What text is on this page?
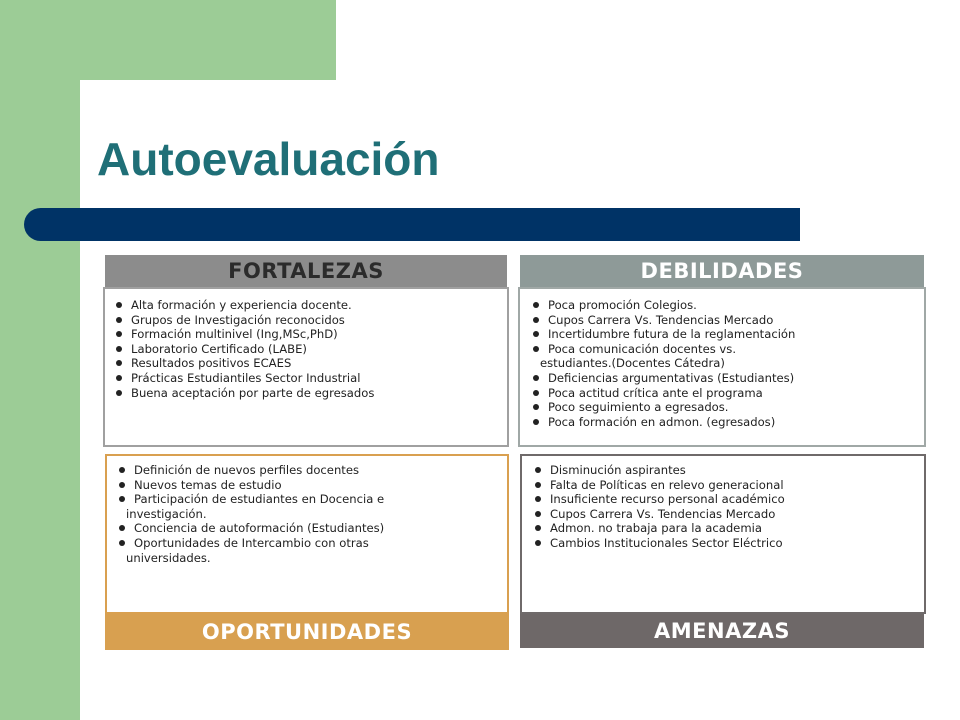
Autoevaluación
FORTALEZAS
Alta formación y experiencia docente.
Grupos de Investigación reconocidos
Formación multinivel (Ing,MSc,PhD)
Laboratorio Certificado (LABE)
Resultados positivos ECAES
Prácticas Estudiantiles Sector Industrial
Buena aceptación por parte de egresados
DEBILIDADES
Poca promoción Colegios.
Cupos Carrera Vs. Tendencias Mercado
Incertidumbre futura de la reglamentación
Poca comunicación docentes vs.
estudiantes.(Docentes Cátedra)
Deficiencias argumentativas (Estudiantes)
Poca actitud crítica ante el programa
Poco seguimiento a egresados.
Poca formación en admon. (egresados)
OPORTUNIDADES
Definición de nuevos perfiles docentes
Nuevos temas de estudio
Participación de estudiantes en Docencia e
investigación.
Conciencia de autoformación (Estudiantes)
Oportunidades de Intercambio con otras
universidades.
AMENAZAS
Disminución aspirantes
Falta de Políticas en relevo generacional
Insuficiente recurso personal académico
Cupos Carrera Vs. Tendencias Mercado
Admon. no trabaja para la academia
Cambios Institucionales Sector Eléctrico
